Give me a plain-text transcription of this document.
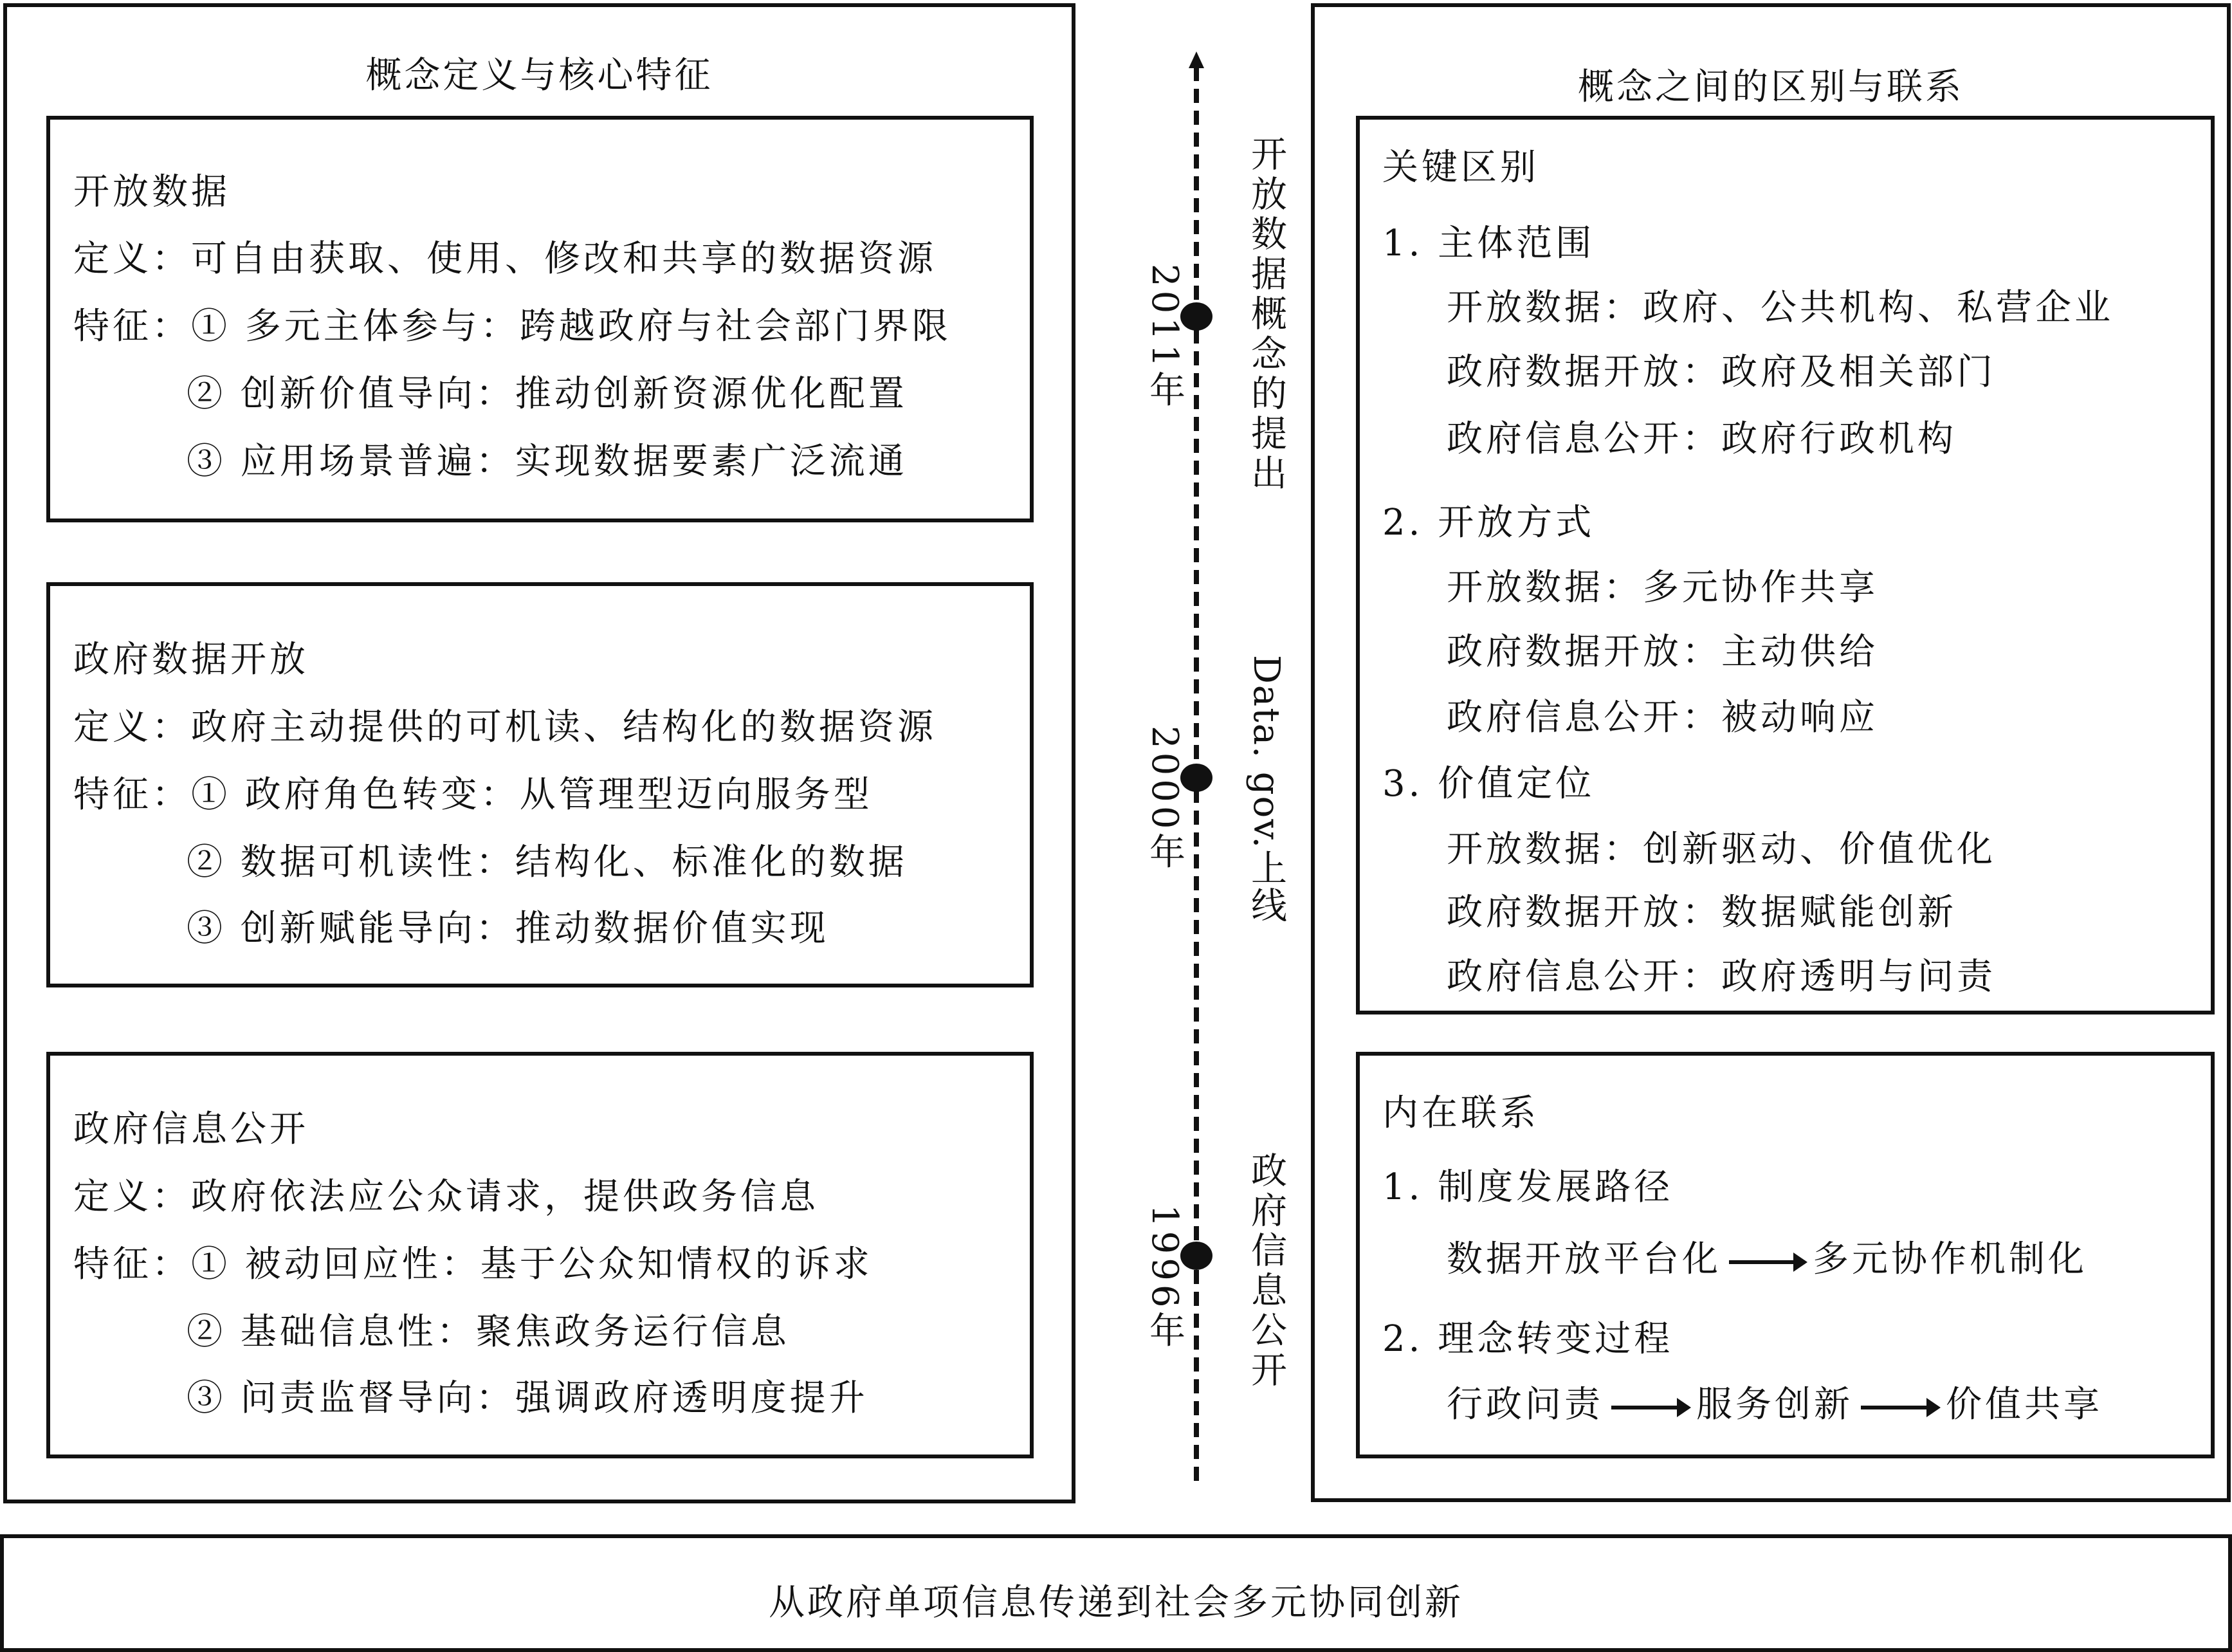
概念定义与核心特征
开放数据
定义：可自由获取、使用、修改和共享的数据资源
特征：① 多元主体参与：跨越政府与社会部门界限
② 创新价值导向：推动创新资源优化配置
③ 应用场景普遍：实现数据要素广泛流通
政府数据开放
定义：政府主动提供的可机读、结构化的数据资源
特征：① 政府角色转变：从管理型迈向服务型
② 数据可机读性：结构化、标准化的数据
③ 创新赋能导向：推动数据价值实现
政府信息公开
定义：政府依法应公众请求，提供政务信息
特征：① 被动回应性：基于公众知情权的诉求
② 基础信息性：聚焦政务运行信息
③ 问责监督导向：强调政府透明度提升
2011年
2000年
1996年
开放数据概念的提出
Data. gov.上线
政府信息公开
概念之间的区别与联系
关键区别
1. 主体范围
开放数据：政府、公共机构、私营企业
政府数据开放：政府及相关部门
政府信息公开：政府行政机构
2. 开放方式
开放数据：多元协作共享
政府数据开放：主动供给
政府信息公开：被动响应
3. 价值定位
开放数据：创新驱动、价值优化
政府数据开放：数据赋能创新
政府信息公开：政府透明与问责
内在联系
1. 制度发展路径
数据开放平台化	多元协作机制化
2. 理念转变过程
行政问责	服务创新	价值共享
从政府单项信息传递到社会多元协同创新
